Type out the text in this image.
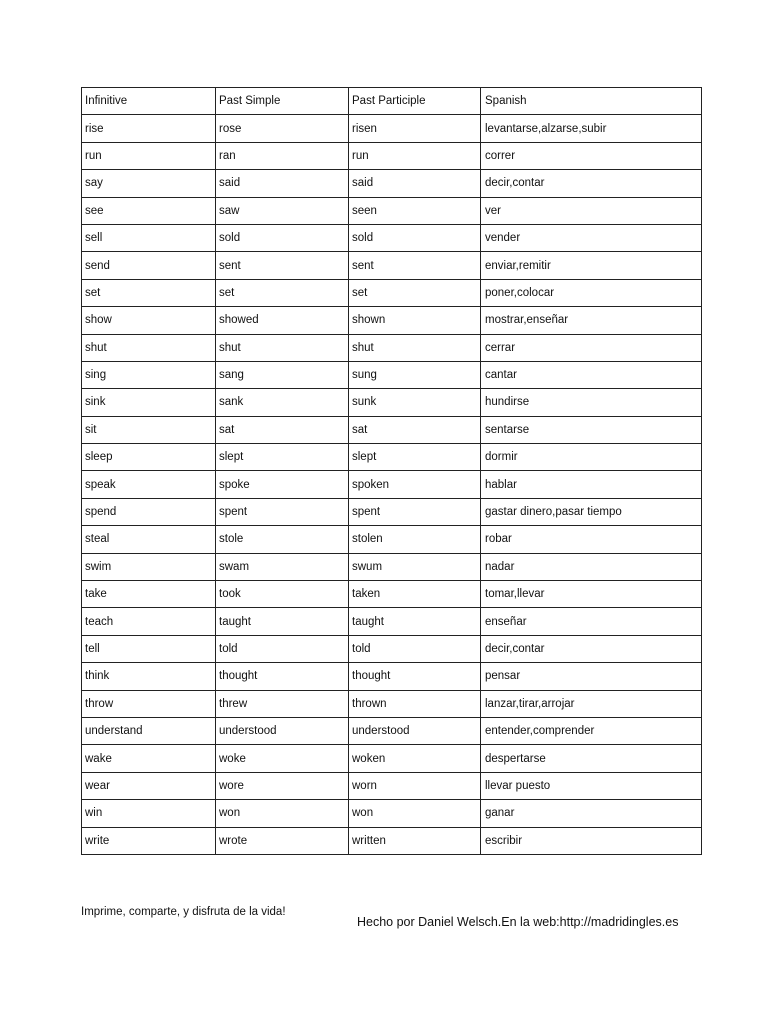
Infinitive	Past Simple	Past Participle	Spanish
rise	rose	risen	levantarse,alzarse,subir
run	ran	run	correr
say	said	said	decir,contar
see	saw	seen	ver
sell	sold	sold	vender
send	sent	sent	enviar,remitir
set	set	set	poner,colocar
show	showed	shown	mostrar,enseñar
shut	shut	shut	cerrar
sing	sang	sung	cantar
sink	sank	sunk	hundirse
sit	sat	sat	sentarse
sleep	slept	slept	dormir
speak	spoke	spoken	hablar
spend	spent	spent	gastar dinero,pasar tiempo
steal	stole	stolen	robar
swim	swam	swum	nadar
take	took	taken	tomar,llevar
teach	taught	taught	enseñar
tell	told	told	decir,contar
think	thought	thought	pensar
throw	threw	thrown	lanzar,tirar,arrojar
understand	understood	understood	entender,comprender
wake	woke	woken	despertarse
wear	wore	worn	llevar puesto
win	won	won	ganar
write	wrote	written	escribir
Imprime, comparte, y disfruta de la vida!
Hecho por Daniel Welsch.En la web:http://madridingles.es
